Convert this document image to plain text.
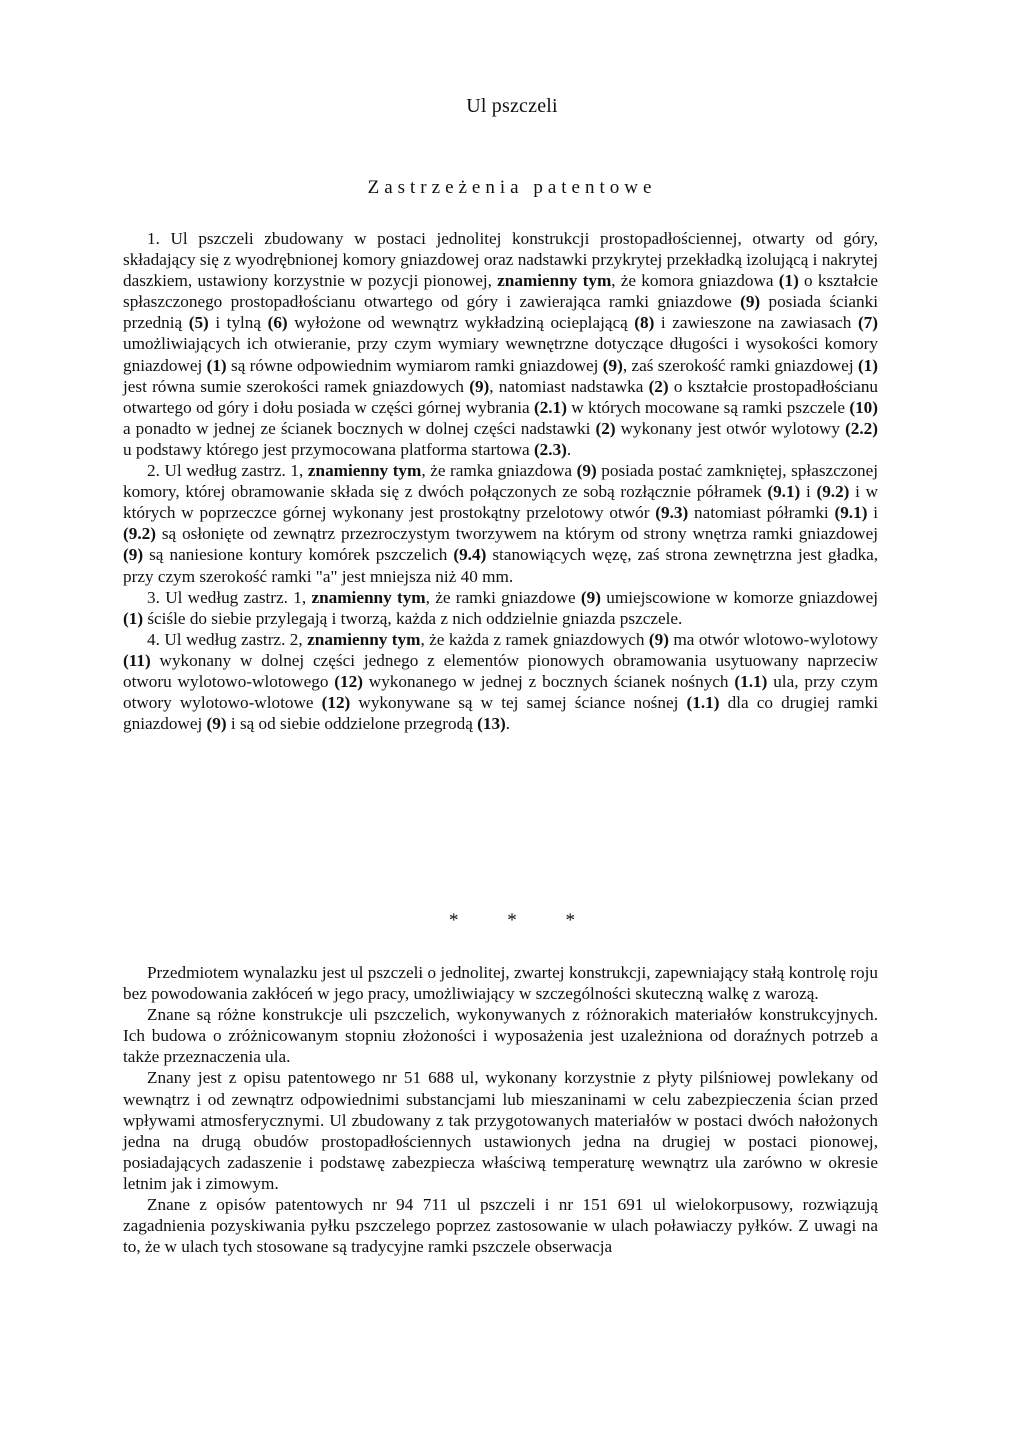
Ul pszczeli
Zastrzeżenia patentowe

1. Ul pszczeli zbudowany w postaci jednolitej konstrukcji prostopadłościennej, otwarty od góry, składający się z wyodrębnionej komory gniazdowej oraz nadstawki przykrytej przekładką izolującą i nakrytej daszkiem, ustawiony korzystnie w pozycji pionowej, znamienny tym, że komora gniazdowa (1) o kształcie spłaszczonego prostopadłościanu otwartego od góry i zawierająca ramki gniazdowe (9) posiada ścianki przednią (5) i tylną (6) wyłożone od wewnątrz wykładziną ocieplającą (8) i zawieszone na zawiasach (7) umożliwiających ich otwieranie, przy czym wymiary wewnętrzne dotyczące długości i wysokości komory gniazdowej (1) są równe odpowiednim wymiarom ramki gniazdowej (9), zaś szerokość ramki gniazdowej (1) jest równa sumie szerokości ramek gniazdowych (9), natomiast nadstawka (2) o kształcie prostopadłościanu otwartego od góry i dołu posiada w części górnej wybrania (2.1) w których mocowane są ramki pszczele (10) a ponadto w jednej ze ścianek bocznych w dolnej części nadstawki (2) wykonany jest otwór wylotowy (2.2) u podstawy którego jest przymocowana platforma startowa (2.3).

2. Ul według zastrz. 1, znamienny tym, że ramka gniazdowa (9) posiada postać zamkniętej, spłaszczonej komory, której obramowanie składa się z dwóch połączonych ze sobą rozłącznie półramek (9.1) i (9.2) i w których w poprzeczce górnej wykonany jest prostokątny przelotowy otwór (9.3) natomiast półramki (9.1) i (9.2) są osłonięte od zewnątrz przezroczystym tworzywem na którym od strony wnętrza ramki gniazdowej (9) są naniesione kontury komórek pszczelich (9.4) stanowiących węzę, zaś strona zewnętrzna jest gładka, przy czym szerokość ramki "a" jest mniejsza niż 40 mm.

3. Ul według zastrz. 1, znamienny tym, że ramki gniazdowe (9) umiejscowione w komorze gniazdowej (1) ściśle do siebie przylegają i tworzą, każda z nich oddzielnie gniazda pszczele.

4. Ul według zastrz. 2, znamienny tym, że każda z ramek gniazdowych (9) ma otwór wlotowo-wylotowy (11) wykonany w dolnej części jednego z elementów pionowych obramowania usytuowany naprzeciw otworu wylotowo-wlotowego (12) wykonanego w jednej z bocznych ścianek nośnych (1.1) ula, przy czym otwory wylotowo-wlotowe (12) wykonywane są w tej samej ściance nośnej (1.1) dla co drugiej ramki gniazdowej (9) i są od siebie oddzielone przegrodą (13).

* * *

Przedmiotem wynalazku jest ul pszczeli o jednolitej, zwartej konstrukcji, zapewniający stałą kontrolę roju bez powodowania zakłóceń w jego pracy, umożliwiający w szczególności skuteczną walkę z warozą.

Znane są różne konstrukcje uli pszczelich, wykonywanych z różnorakich materiałów konstrukcyjnych. Ich budowa o zróżnicowanym stopniu złożoności i wyposażenia jest uzależniona od doraźnych potrzeb a także przeznaczenia ula.

Znany jest z opisu patentowego nr 51 688 ul, wykonany korzystnie z płyty pilśniowej powlekany od wewnątrz i od zewnątrz odpowiednimi substancjami lub mieszaninami w celu zabezpieczenia ścian przed wpływami atmosferycznymi. Ul zbudowany z tak przygotowanych materiałów w postaci dwóch nałożonych jedna na drugą obudów prostopadłościennych ustawionych jedna na drugiej w postaci pionowej, posiadających zadaszenie i podstawę zabezpiecza właściwą temperaturę wewnątrz ula zarówno w okresie letnim jak i zimowym.

Znane z opisów patentowych nr 94 711 ul pszczeli i nr 151 691 ul wielokorpusowy, rozwiązują zagadnienia pozyskiwania pyłku pszczelego poprzez zastosowanie w ulach poławiaczy pyłków. Z uwagi na to, że w ulach tych stosowane są tradycyjne ramki pszczele obserwacja
